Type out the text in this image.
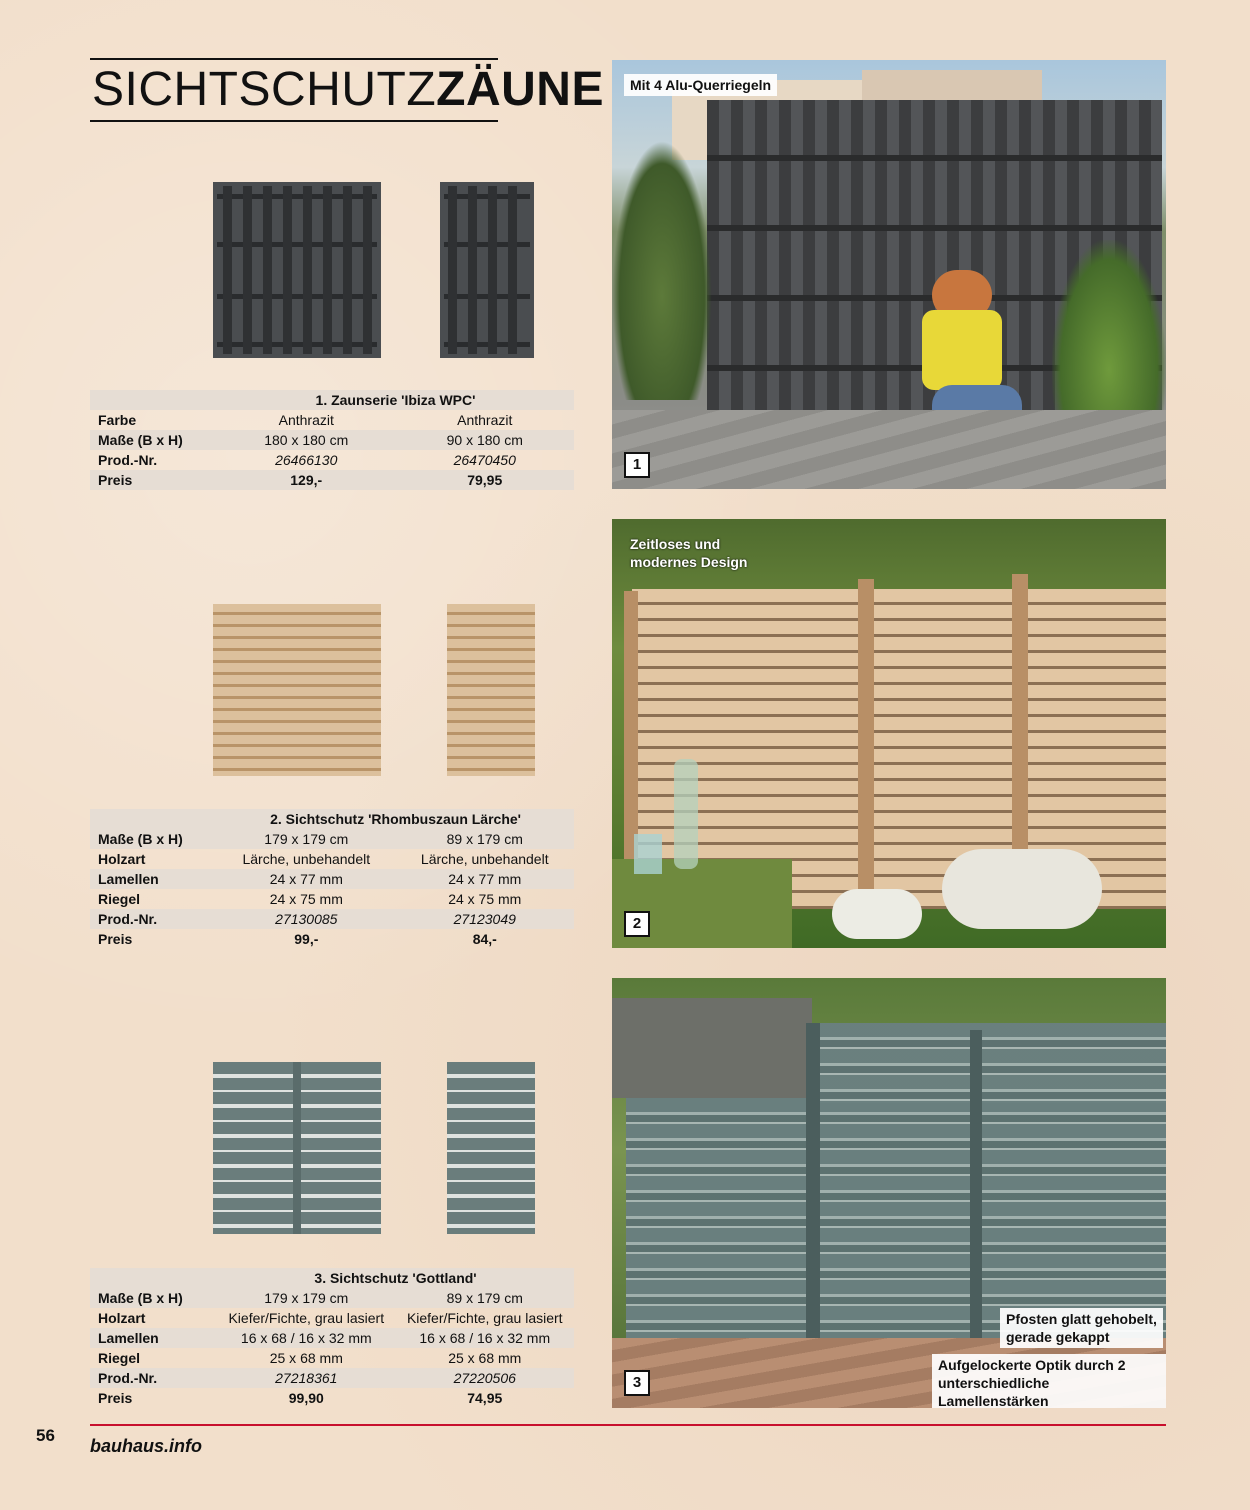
SICHTSCHUTZZÄUNE
	1. Zaunserie 'Ibiza WPC'	
Farbe	Anthrazit	Anthrazit
Maße (B x H)	180 x 180 cm	90 x 180 cm
Prod.-Nr.	26466130	26470450
Preis	129,-	79,95
	2. Sichtschutz 'Rhombuszaun Lärche'	
Maße (B x H)	179 x 179 cm	89 x 179 cm
Holzart	Lärche, unbehandelt	Lärche, unbehandelt
Lamellen	24 x 77 mm	24 x 77 mm
Riegel	24 x 75 mm	24 x 75 mm
Prod.-Nr.	27130085	27123049
Preis	99,-	84,-
	3. Sichtschutz 'Gottland'	
Maße (B x H)	179 x 179 cm	89 x 179 cm
Holzart	Kiefer/Fichte, grau lasiert	Kiefer/Fichte, grau lasiert
Lamellen	16 x 68 / 16 x 32 mm	16 x 68 / 16 x 32 mm
Riegel	25 x 68 mm	25 x 68 mm
Prod.-Nr.	27218361	27220506
Preis	99,90	74,95
1
Mit 4 Alu-Querriegeln
2
Zeitloses und
modernes Design
3
Pfosten glatt gehobelt,
gerade gekappt
Aufgelockerte Optik durch 2
unterschiedliche Lamellenstärken
56
bauhaus.info
